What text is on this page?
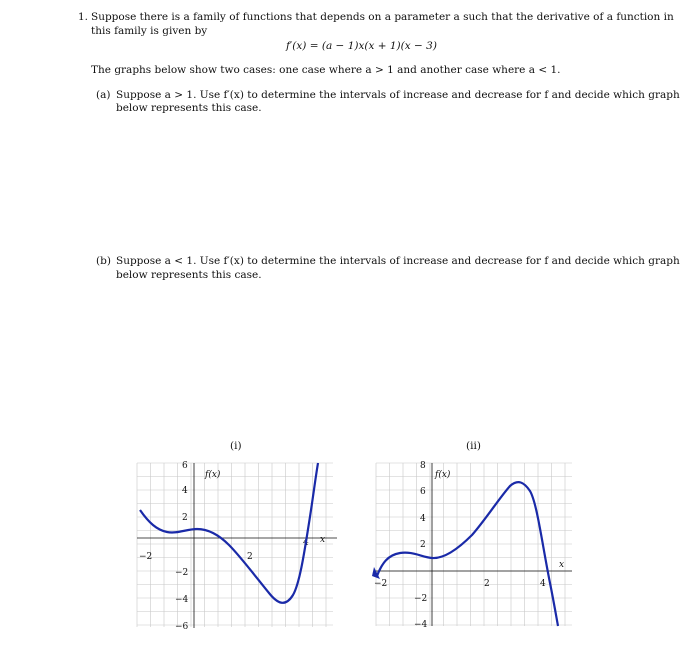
1. Suppose there is a family of functions that depends on a parameter a such that the derivative of a function in
this family is given by
f′(x) = (a − 1)x(x + 1)(x − 3)
The graphs below show two cases: one case where a > 1 and another case where a < 1.
(a) Suppose a > 1. Use f′(x) to determine the intervals of increase and decrease for f and decide which graph
below represents this case.
(b) Suppose a < 1. Use f′(x) to determine the intervals of increase and decrease for f and decide which graph
below represents this case.
(i)
f(x)
x
−2	2
4
6
4
2
−2
−4
−6
(ii)
f(x)
x
−2	2	4
8
6
4
2
−2
−4
